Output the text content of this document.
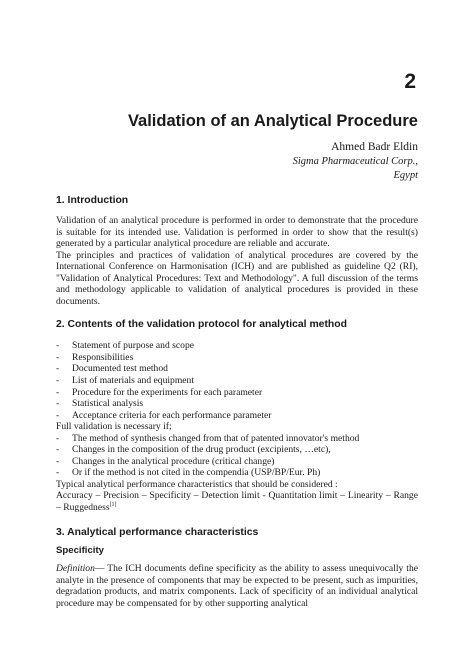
2
Validation of an Analytical Procedure
Ahmed Badr Eldin
Sigma Pharmaceutical Corp.,
Egypt
1. Introduction

Validation of an analytical procedure is performed in order to demonstrate that the procedure is suitable for its intended use. Validation is performed in order to show that the result(s) generated by a particular analytical procedure are reliable and accurate.

The principles and practices of validation of analytical procedures are covered by the International Conference on Harmonisation (ICH) and are published as guideline Q2 (RI), "Validation of Analytical Procedures: Text and Methodology". A full discussion of the terms and methodology applicable to validation of analytical procedures is provided in these documents.

2. Contents of the validation protocol for analytical method
- Statement of purpose and scope
- Responsibilities
- Documented test method
- List of materials and equipment
- Procedure for the experiments for each parameter
- Statistical analysis
- Acceptance criteria for each performance parameter

Full validation is necessary if;

- The method of synthesis changed from that of patented innovator's method
- Changes in the composition of the drug product (excipients, …etc),
- Changes in the analytical procedure (critical change)
- Or if the method is not cited in the compendia (USP/BP/Eur. Ph)

Typical analytical performance characteristics that should be considered :

Accuracy – Precision – Specificity – Detection limit - Quantitation limit – Linearity – Range – Ruggedness[1]

3. Analytical performance characteristics
Specificity

Definition— The ICH documents define specificity as the ability to assess unequivocally the analyte in the presence of components that may be expected to be present, such as impurities, degradation products, and matrix components. Lack of specificity of an individual analytical procedure may be compensated for by other supporting analytical
